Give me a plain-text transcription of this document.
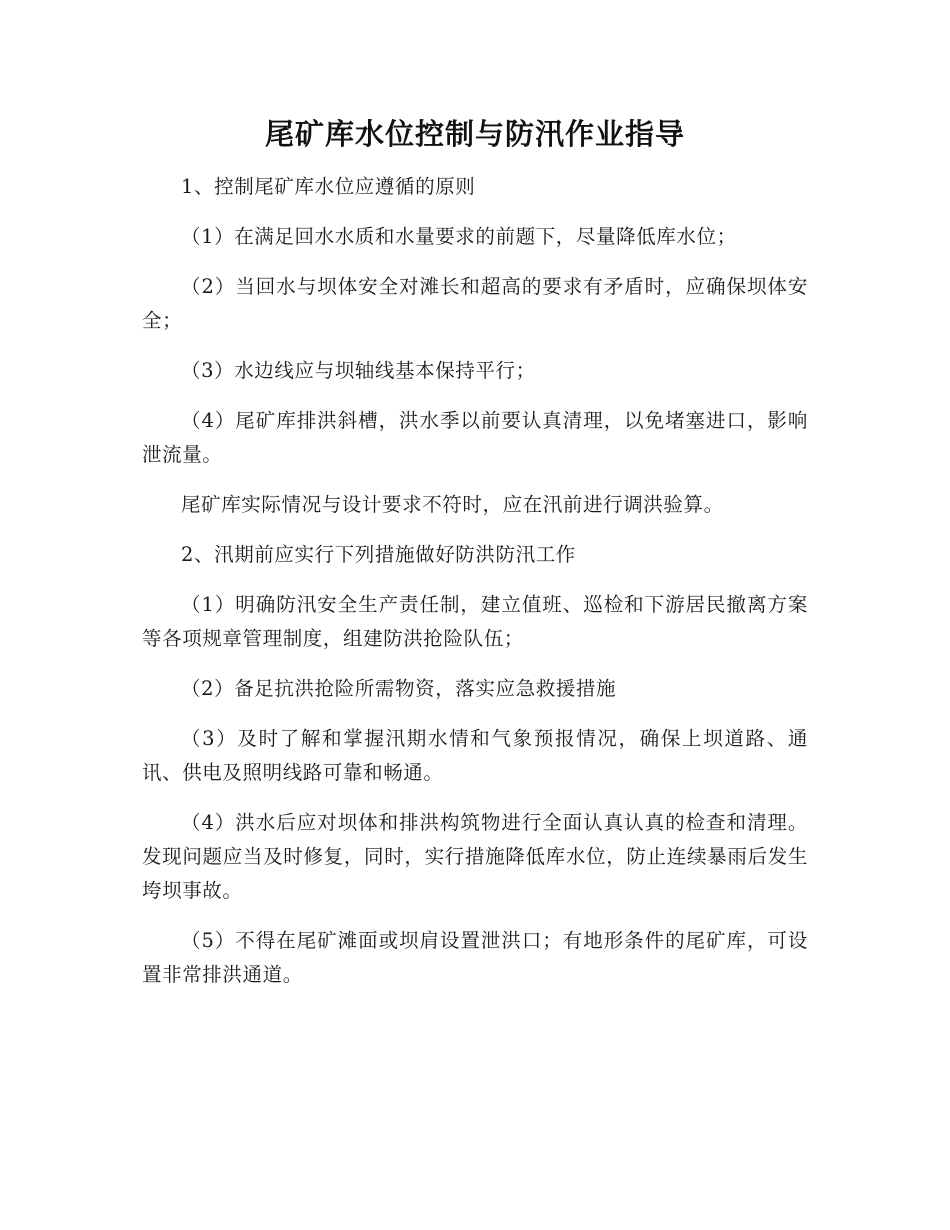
尾矿库水位控制与防汛作业指导

1、控制尾矿库水位应遵循的原则

（1）在满足回水水质和水量要求的前题下，尽量降低库水位；

（2）当回水与坝体安全对滩长和超高的要求有矛盾时，应确保坝体安全；

（3）水边线应与坝轴线基本保持平行；

（4）尾矿库排洪斜槽，洪水季以前要认真清理，以免堵塞进口，影响泄流量。

尾矿库实际情况与设计要求不符时，应在汛前进行调洪验算。

2、汛期前应实行下列措施做好防洪防汛工作

（1）明确防汛安全生产责任制，建立值班、巡检和下游居民撤离方案等各项规章管理制度，组建防洪抢险队伍；

（2）备足抗洪抢险所需物资，落实应急救援措施

（3）及时了解和掌握汛期水情和气象预报情况，确保上坝道路、通讯、供电及照明线路可靠和畅通。

（4）洪水后应对坝体和排洪构筑物进行全面认真认真的检查和清理。发现问题应当及时修复，同时，实行措施降低库水位，防止连续暴雨后发生垮坝事故。

（5）不得在尾矿滩面或坝肩设置泄洪口；有地形条件的尾矿库，可设置非常排洪通道。
